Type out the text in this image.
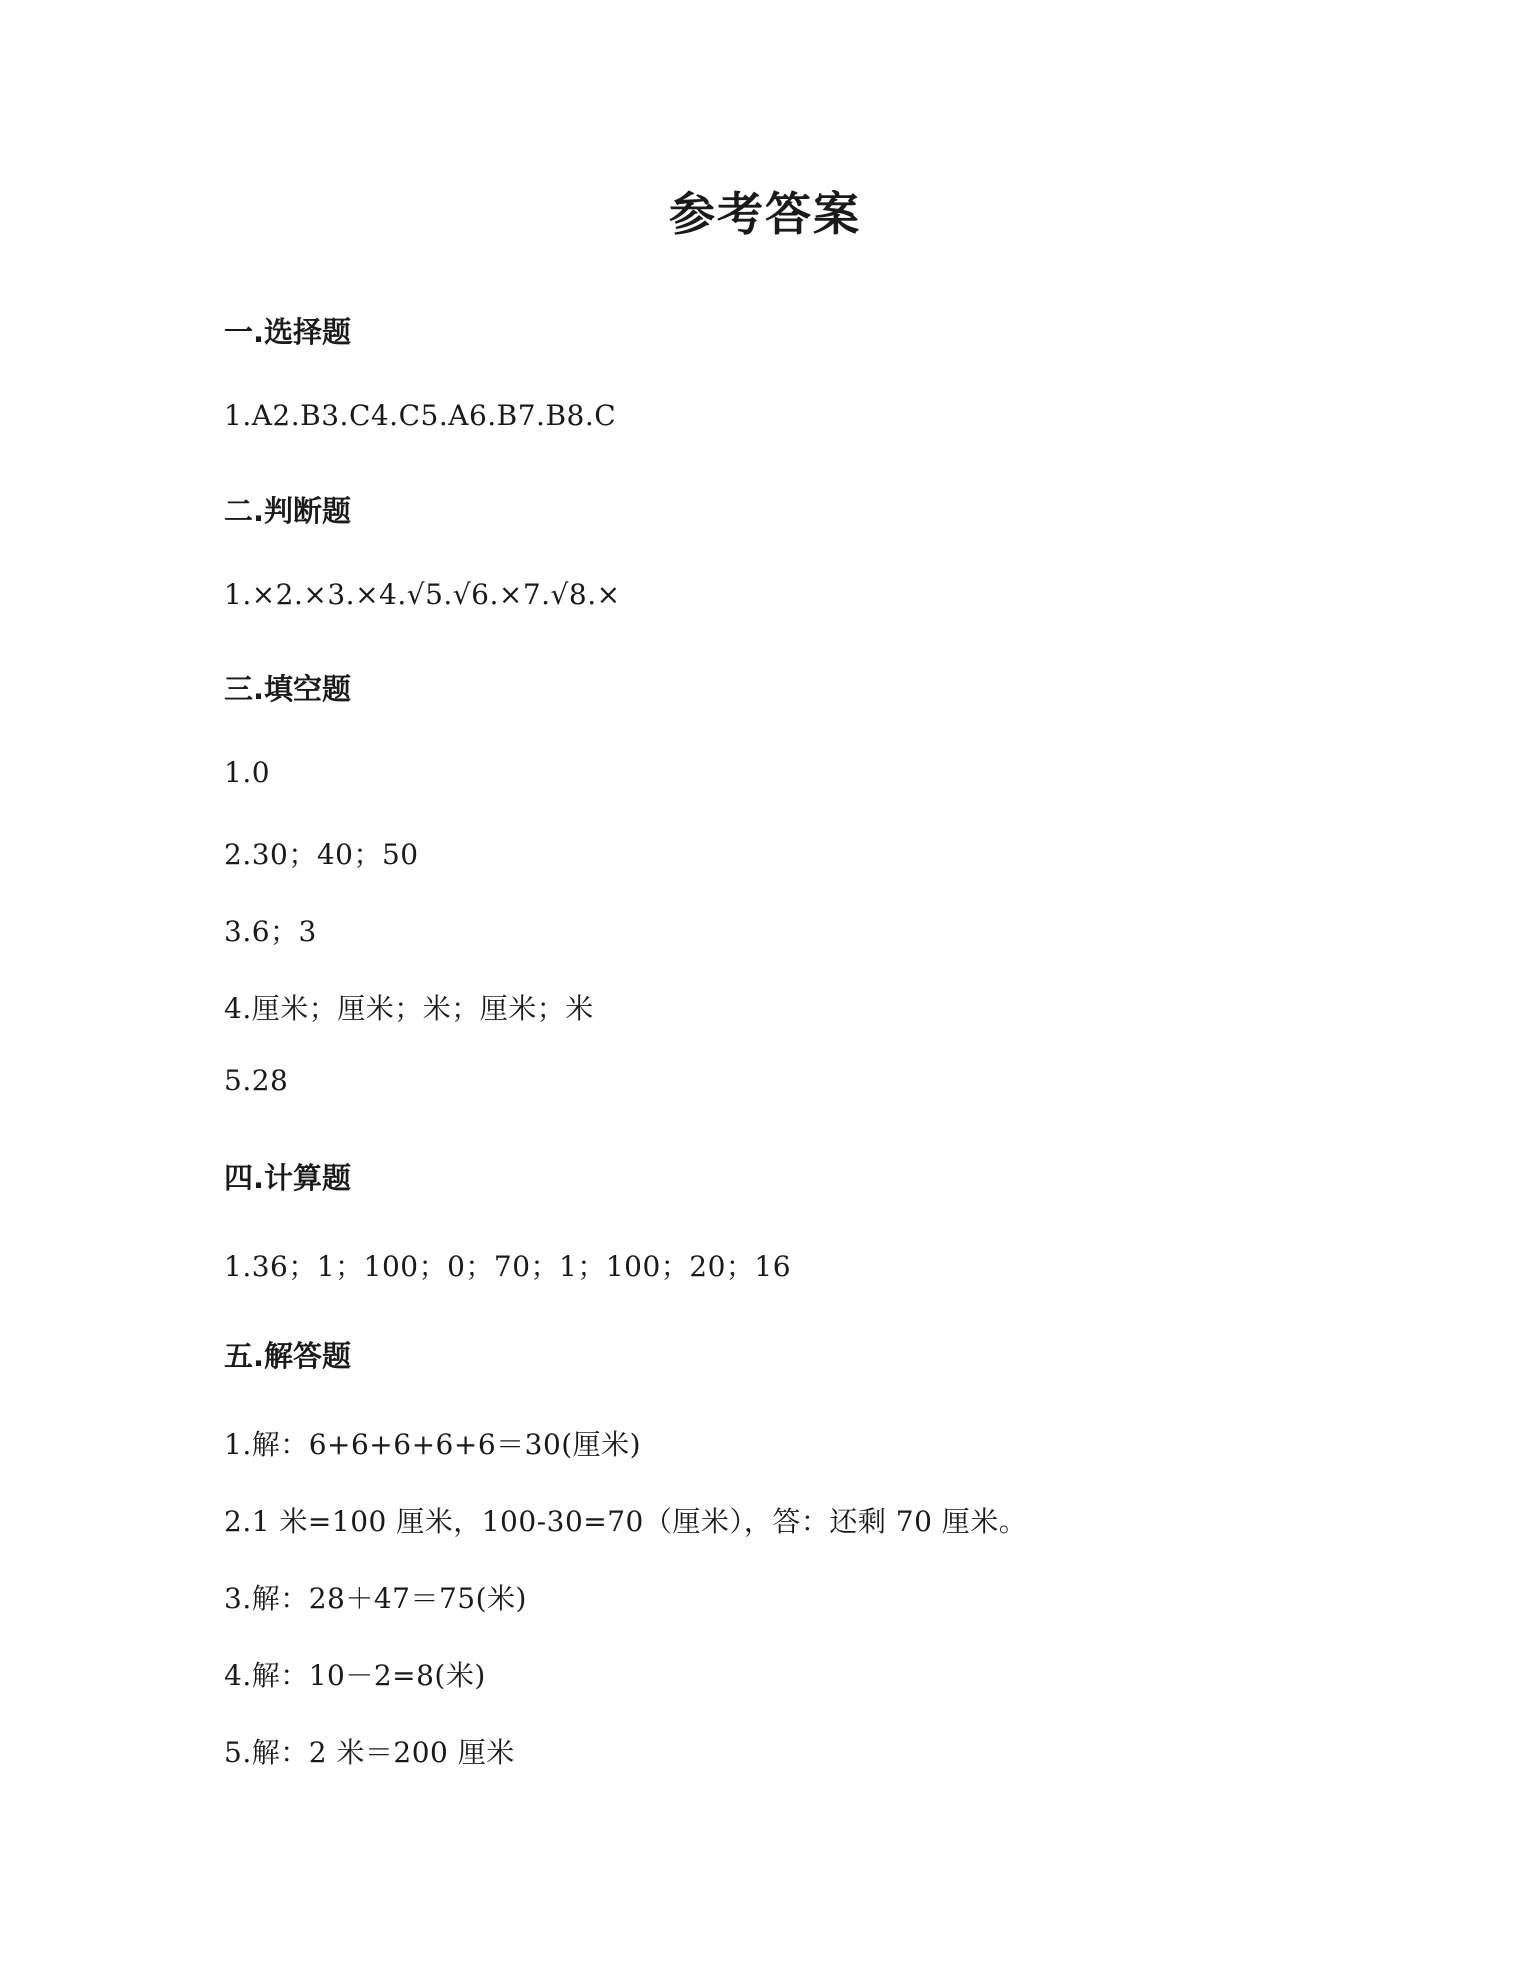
参考答案
一.选择题
1.A2.B3.C4.C5.A6.B7.B8.C
二.判断题
1.×2.×3.×4.√5.√6.×7.√8.×
三.填空题
1.0
2.30；40；50
3.6；3
4.厘米；厘米；米；厘米；米
5.28
四.计算题
1.36；1；100；0；70；1；100；20；16
五.解答题
1.解：6+6+6+6+6＝30(厘米)
2.1 米=100 厘米，100-30=70（厘米），答：还剩 70 厘米。
3.解：28＋47＝75(米)
4.解：10－2=8(米)
5.解：2 米＝200 厘米
